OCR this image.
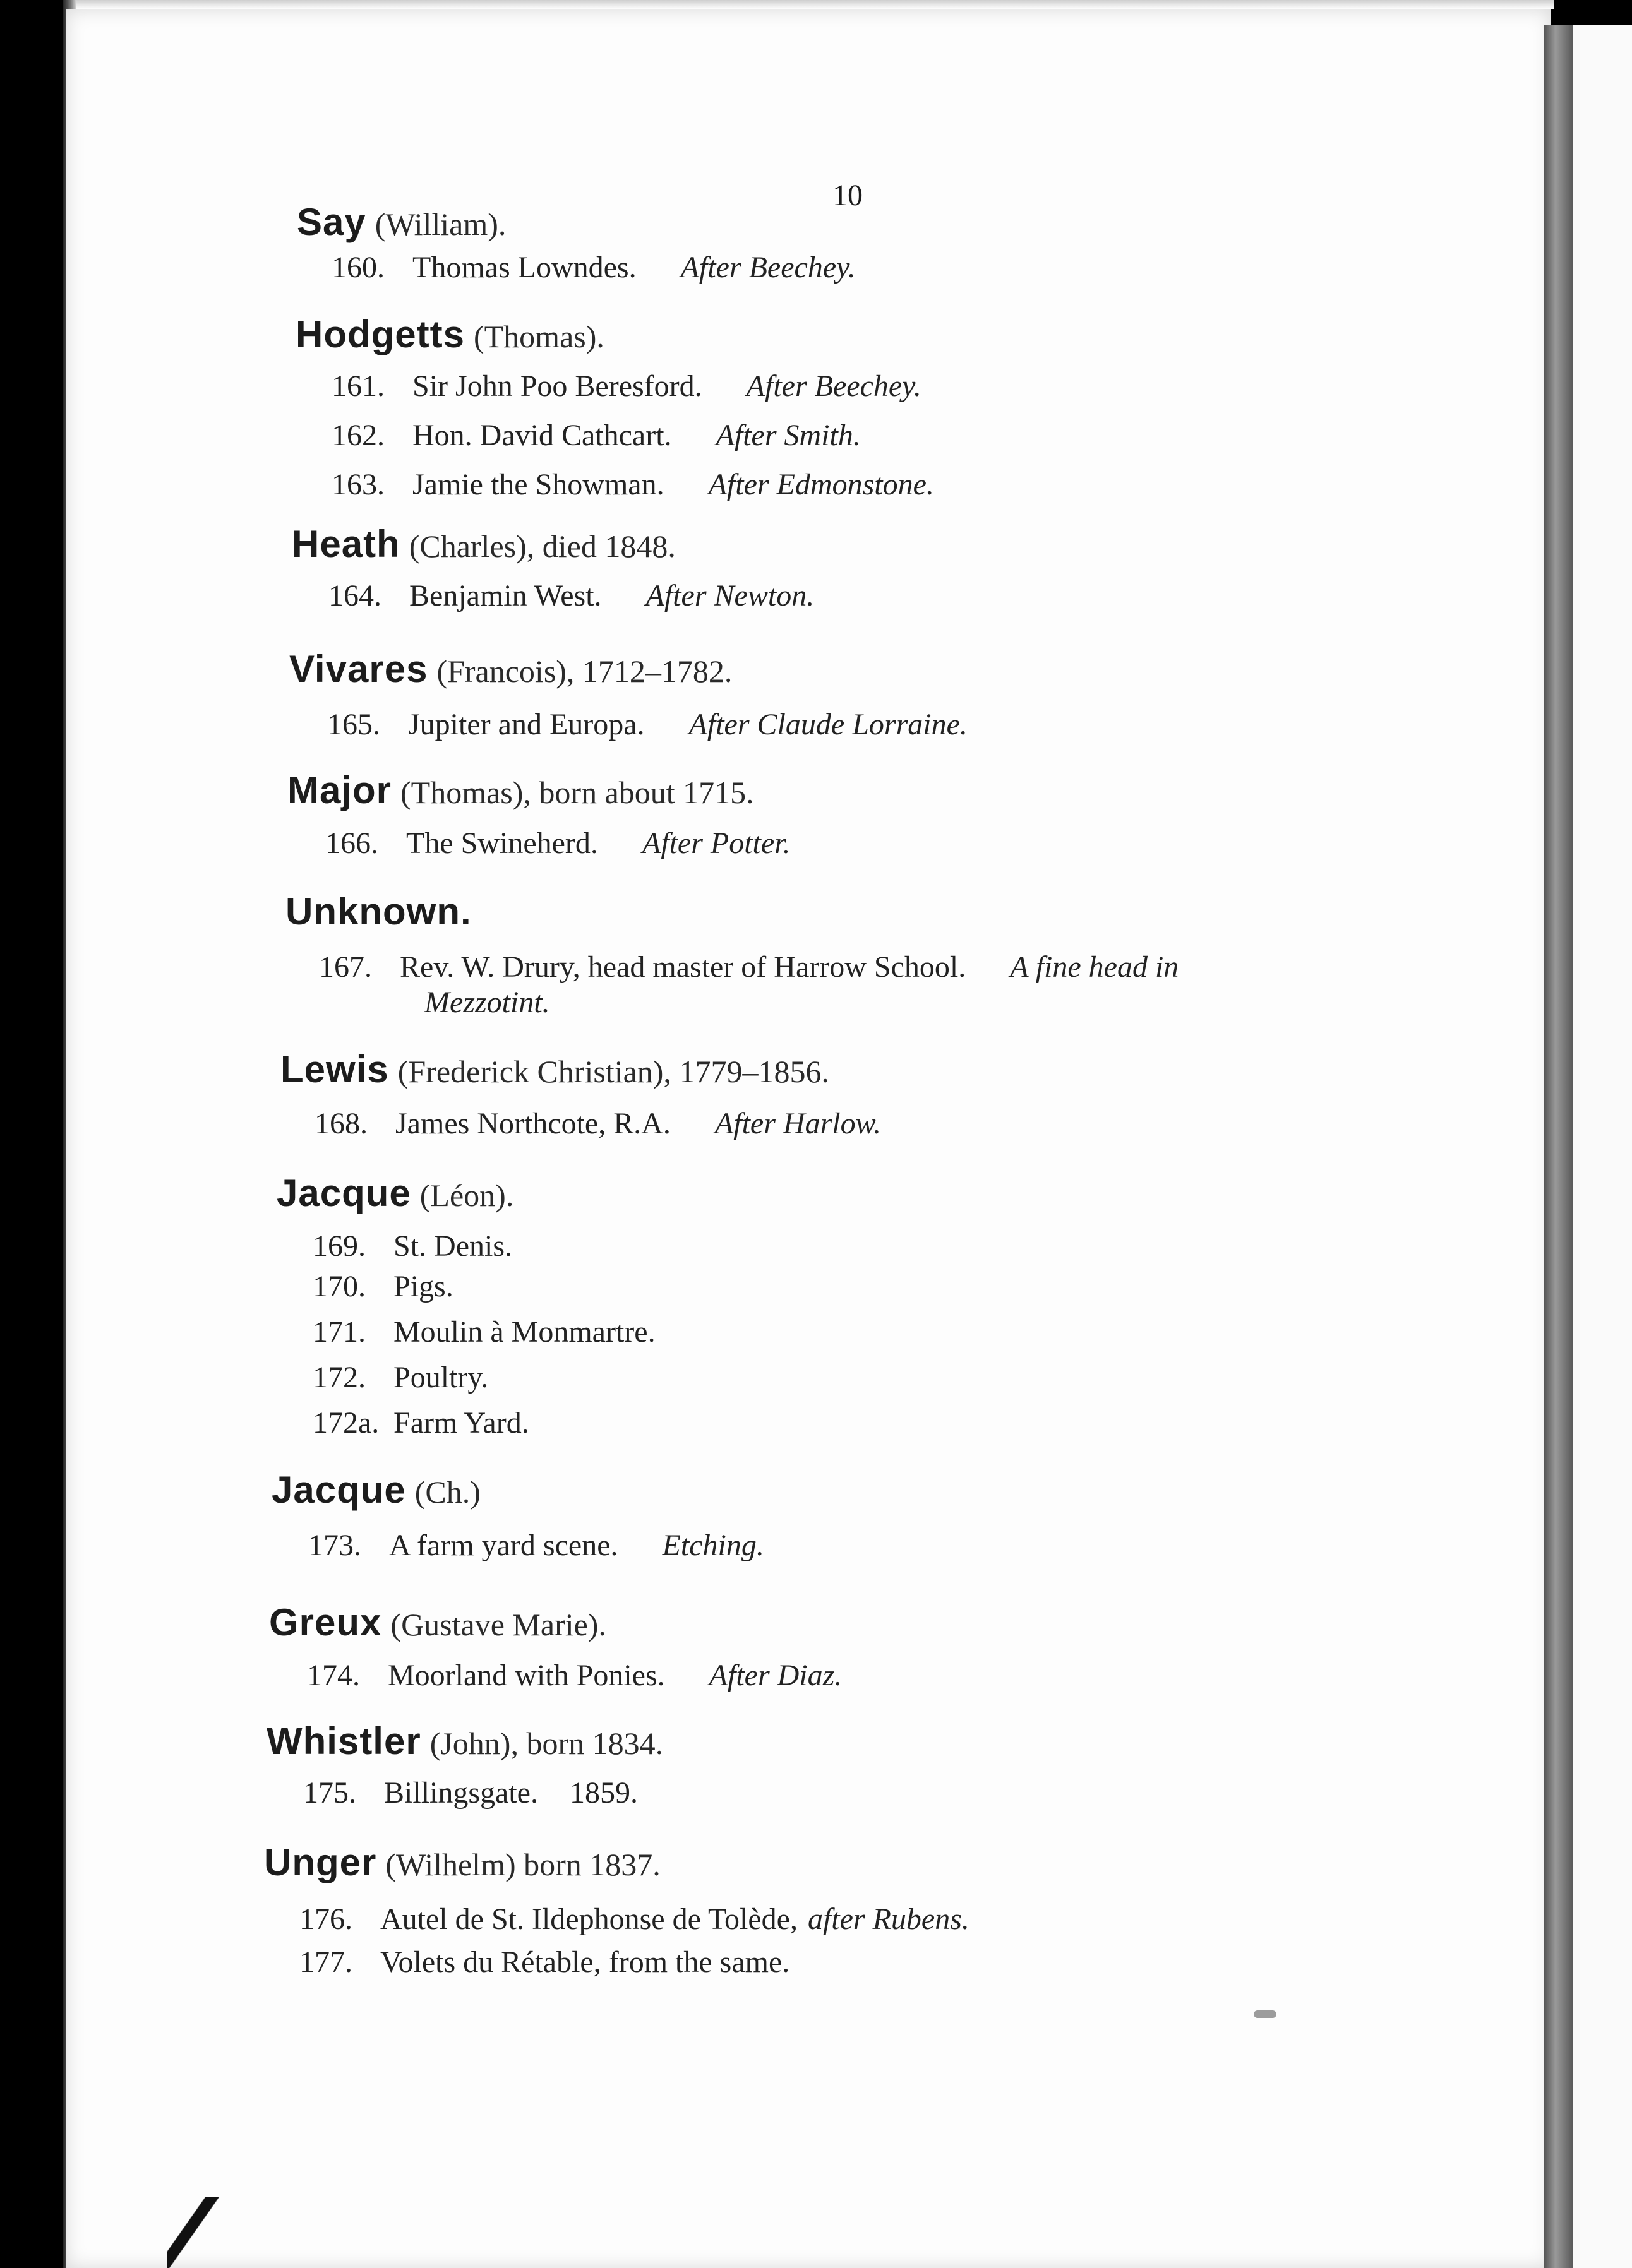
10
Say (William).
160. Thomas Lowndes. After Beechey.
Hodgetts (Thomas).
161. Sir John Poo Beresford. After Beechey.
162. Hon. David Cathcart. After Smith.
163. Jamie the Showman. After Edmonstone.
Heath (Charles), died 1848.
164. Benjamin West. After Newton.
Vivares (Francois), 1712–1782.
165. Jupiter and Europa. After Claude Lorraine.
Major (Thomas), born about 1715.
166. The Swineherd. After Potter.
Unknown.
167. Rev. W. Drury, head master of Harrow School. A fine head in
Mezzotint.
Lewis (Frederick Christian), 1779–1856.
168. James Northcote, R.A. After Harlow.
Jacque (Léon).
169. St. Denis.
170. Pigs.
171. Moulin à Monmartre.
172. Poultry.
172a. Farm Yard.
Jacque (Ch.)
173. A farm yard scene. Etching.
Greux (Gustave Marie).
174. Moorland with Ponies. After Diaz.
Whistler (John), born 1834.
175. Billingsgate. 1859.
Unger (Wilhelm) born 1837.
176. Autel de St. Ildephonse de Tolède, after Rubens.
177. Volets du Rétable, from the same.
